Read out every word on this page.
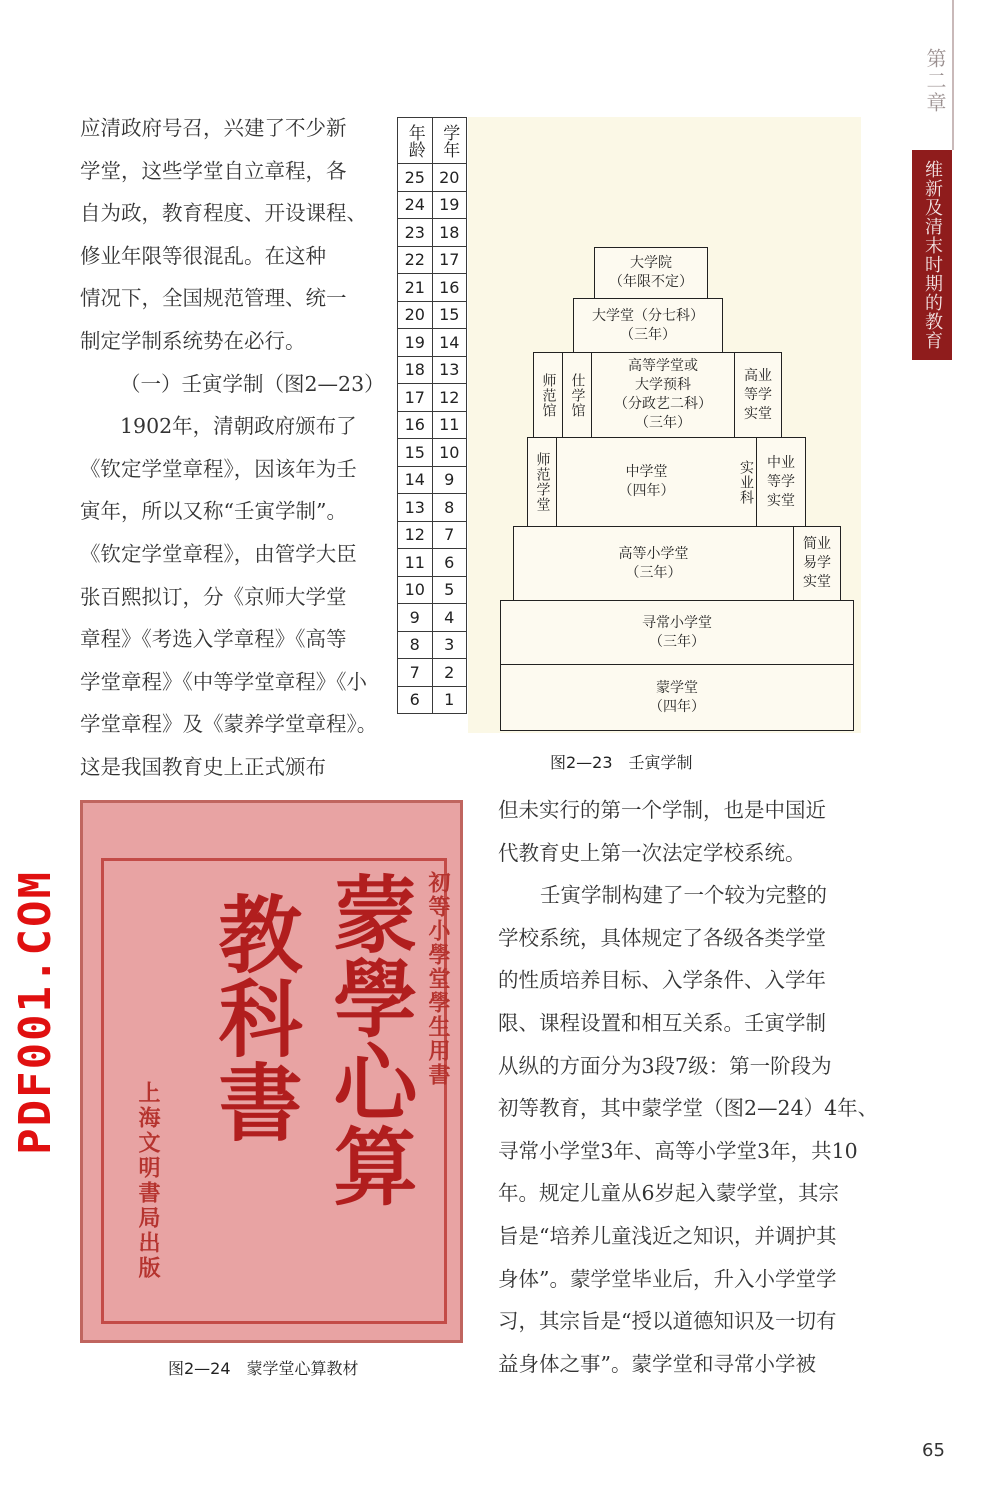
第二章
维新及清末时期的教育

应清政府号召，兴建了不少新

学堂，这些学堂自立章程，各

自为政，教育程度、开设课程、

修业年限等很混乱。在这种

情况下，全国规范管理、统一

制定学制系统势在必行。

（一）壬寅学制（图2—23）

1902年，清朝政府颁布了

《钦定学堂章程》，因该年为壬

寅年，所以又称“壬寅学制”。

《钦定学堂章程》，由管学大臣

张百熙拟订，分《京师大学堂

章程》《考选入学章程》《高等

学堂章程》《中等学堂章程》《小

学堂章程》及《蒙养学堂章程》。

这是我国教育史上正式颁布

年龄	学年
25	20
24	19
23	18
22	17
21	16
20	15
19	14
18	13
17	12
16	11
15	10
14	9
13	8
12	7
11	6
10	5
9	4
8	3
7	2
6	1
大学院
（年限不定）
大学堂（分七科）
（三年）
师范馆 仕学馆
高等学堂或
大学预科
（分政艺二科）
（三年）
高业
等学
实堂
师范学堂	中学堂
（四年）	实业科 中业
等学
实堂
高等小学堂
（三年）
简业
易学
实堂
寻常小学堂
（三年）
蒙学堂
（四年）
图2—23　壬寅学制

但未实行的第一个学制，也是中国近

代教育史上第一次法定学校系统。

壬寅学制构建了一个较为完整的

学校系统，具体规定了各级各类学堂

的性质培养目标、入学条件、入学年

限、课程设置和相互关系。壬寅学制

从纵的方面分为3段7级：第一阶段为

初等教育，其中蒙学堂（图2—24）4年、

寻常小学堂3年、高等小学堂3年，共10

年。规定儿童从6岁起入蒙学堂，其宗

旨是“培养儿童浅近之知识，并调护其

身体”。蒙学堂毕业后，升入小学堂学

习，其宗旨是“授以道德知识及一切有

益身体之事”。蒙学堂和寻常小学被

初等小學堂學生用書
蒙學心算
教科書
上海文明書局出版
图2—24　蒙学堂心算教材
PDF001.COM
65
